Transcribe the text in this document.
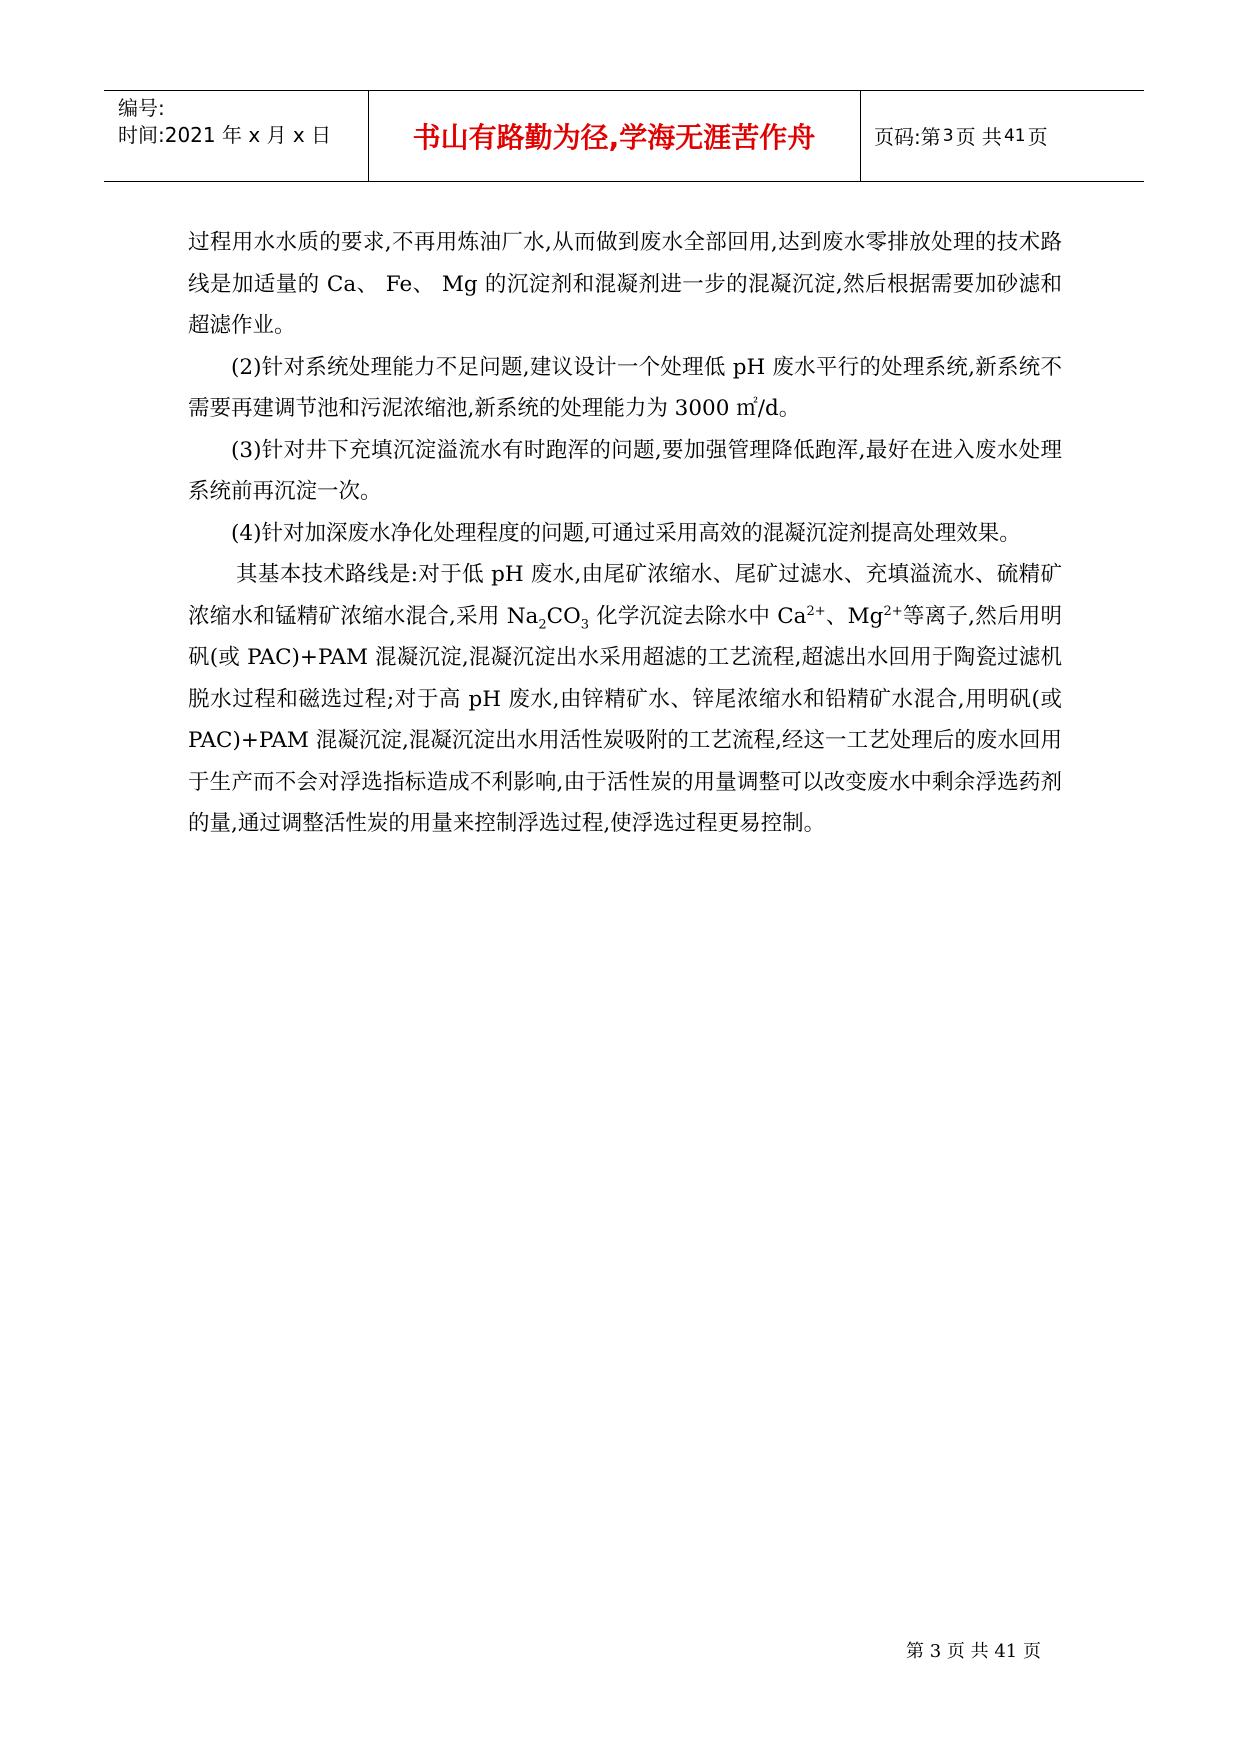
编号:
时间:2021 年 x 月 x 日	书山有路勤为径,学海无涯苦作舟	页码:第 3 页 共 41 页

过程用水水质的要求,不再用炼油厂水,从而做到废水全部回用,达到废水零排放处理的技术路线是加适量的 Ca、 Fe、 Mg 的沉淀剂和混凝剂进一步的混凝沉淀,然后根据需要加砂滤和超滤作业。

(2)针对系统处理能力不足问题,建议设计一个处理低 pH 废水平行的处理系统,新系统不需要再建调节池和污泥浓缩池,新系统的处理能力为 3000 ㎡/d。

(3)针对井下充填沉淀溢流水有时跑浑的问题,要加强管理降低跑浑,最好在进入废水处理系统前再沉淀一次。

(4)针对加深废水净化处理程度的问题,可通过采用高效的混凝沉淀剂提高处理效果。

其基本技术路线是:对于低 pH 废水,由尾矿浓缩水、尾矿过滤水、充填溢流水、硫精矿浓缩水和锰精矿浓缩水混合,采用 $Na_2CO_3$ 化学沉淀去除水中 $Ca^{2+}$、$Mg^{2+}$等离子,然后用明矾(或 PAC)+PAM 混凝沉淀,混凝沉淀出水采用超滤的工艺流程,超滤出水回用于陶瓷过滤机脱水过程和磁选过程;对于高 pH 废水,由锌精矿水、锌尾浓缩水和铅精矿水混合,用明矾(或 PAC)+PAM 混凝沉淀,混凝沉淀出水用活性炭吸附的工艺流程,经这一工艺处理后的废水回用于生产而不会对浮选指标造成不利影响,由于活性炭的用量调整可以改变废水中剩余浮选药剂的量,通过调整活性炭的用量来控制浮选过程,使浮选过程更易控制。

第 3 页 共 41 页
